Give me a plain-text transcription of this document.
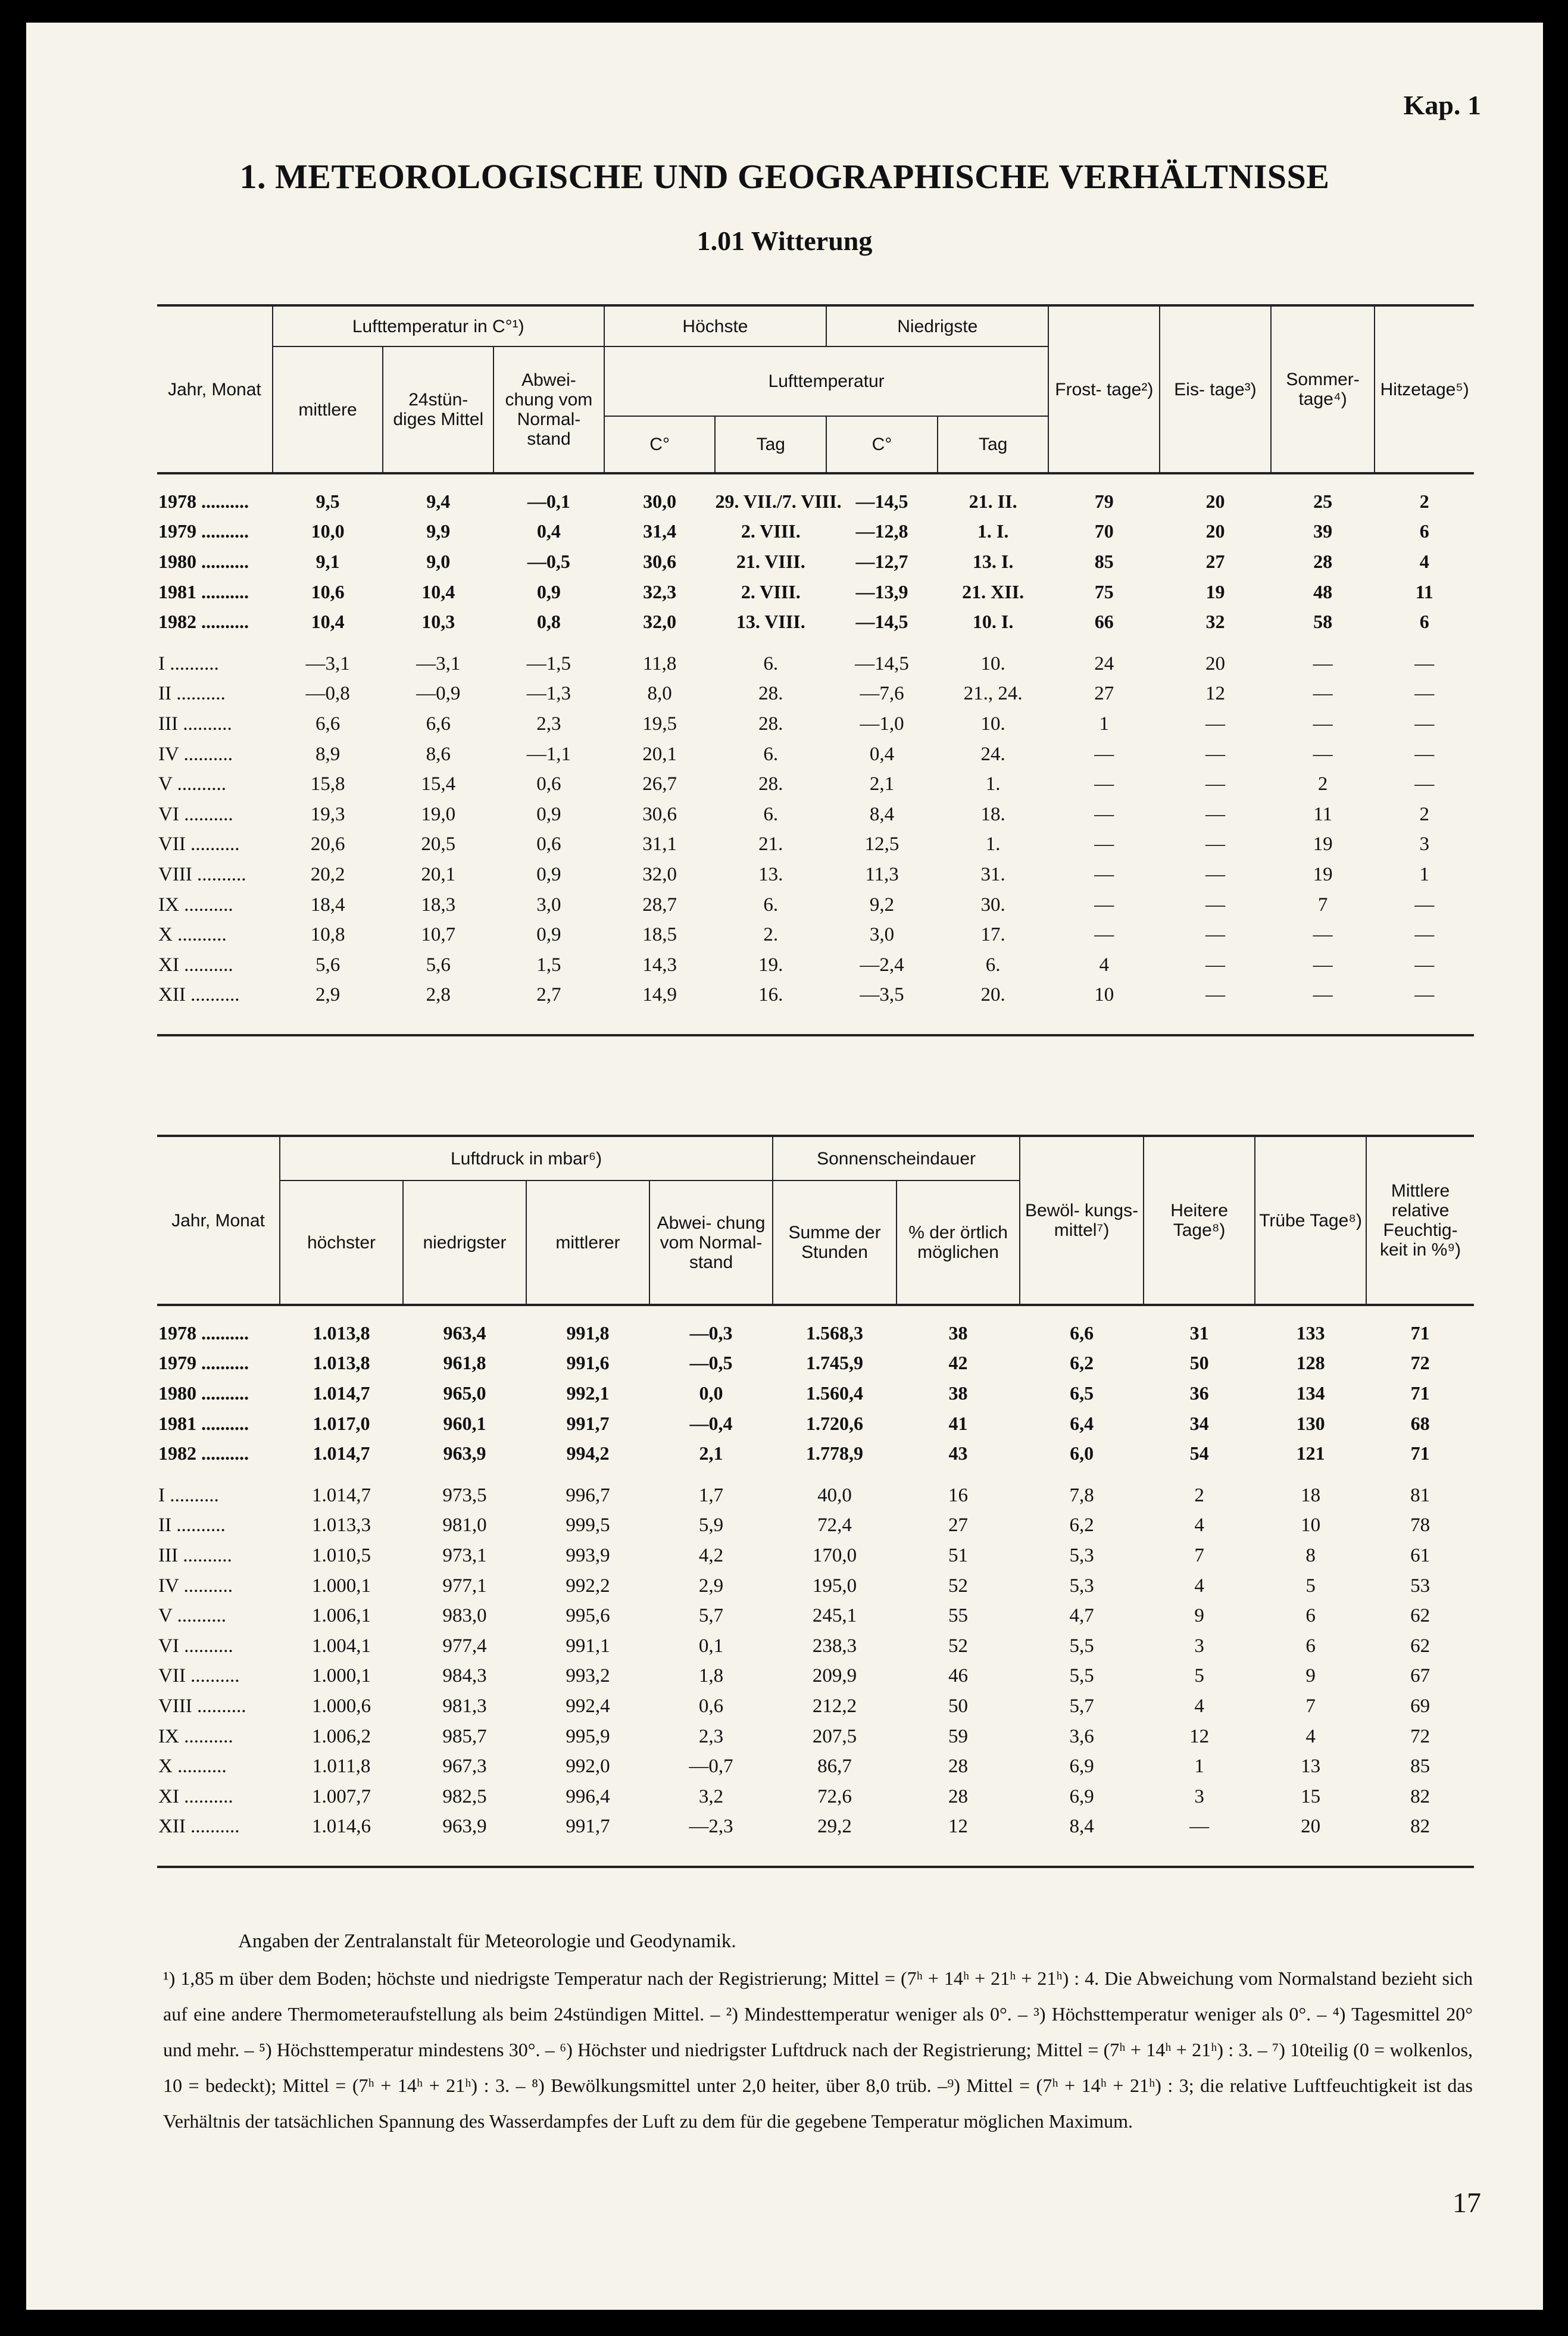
Kap. 1
1. METEOROLOGISCHE UND GEOGRAPHISCHE VERHÄLTNISSE
1.01 Witterung
Jahr, Monat	Lufttemperatur in C°¹)			Höchste		Niedrigste		Frost- tage²)	Eis- tage³)	Sommer- tage⁴)	Hitzetage⁵)
	mittlere	24stün- diges Mittel	Abwei- chung vom Normal- stand	Lufttemperatur							
				C°	Tag	C°	Tag				

1978 ..........	9,5	9,4	—0,1	30,0	29. VII./7. VIII.	—14,5	21. II.	79	20	25	2
1979 ..........	10,0	9,9	0,4	31,4	2. VIII.	—12,8	1. I.	70	20	39	6
1980 ..........	9,1	9,0	—0,5	30,6	21. VIII.	—12,7	13. I.	85	27	28	4
1981 ..........	10,6	10,4	0,9	32,3	2. VIII.	—13,9	21. XII.	75	19	48	11
1982 ..........	10,4	10,3	0,8	32,0	13. VIII.	—14,5	10. I.	66	32	58	6

I ..........	—3,1	—3,1	—1,5	11,8	6.	—14,5	10.	24	20	—	—
II ..........	—0,8	—0,9	—1,3	8,0	28.	—7,6	21., 24.	27	12	—	—
III ..........	6,6	6,6	2,3	19,5	28.	—1,0	10.	1	—	—	—
IV ..........	8,9	8,6	—1,1	20,1	6.	0,4	24.	—	—	—	—
V ..........	15,8	15,4	0,6	26,7	28.	2,1	1.	—	—	2	—
VI ..........	19,3	19,0	0,9	30,6	6.	8,4	18.	—	—	11	2
VII ..........	20,6	20,5	0,6	31,1	21.	12,5	1.	—	—	19	3
VIII ..........	20,2	20,1	0,9	32,0	13.	11,3	31.	—	—	19	1
IX ..........	18,4	18,3	3,0	28,7	6.	9,2	30.	—	—	7	—
X ..........	10,8	10,7	0,9	18,5	2.	3,0	17.	—	—	—	—
XI ..........	5,6	5,6	1,5	14,3	19.	—2,4	6.	4	—	—	—
XII ..........	2,9	2,8	2,7	14,9	16.	—3,5	20.	10	—	—	—

Jahr, Monat	Luftdruck in mbar⁶)				Sonnenscheindauer		Bewöl- kungs- mittel⁷)	Heitere Tage⁸)	Trübe Tage⁸)	Mittlere relative Feuchtig- keit in %⁹)
	höchster	niedrigster	mittlerer	Abwei- chung vom Normal- stand	Summe der Stunden	% der örtlich möglichen				

1978 ..........	1.013,8	963,4	991,8	—0,3	1.568,3	38	6,6	31	133	71
1979 ..........	1.013,8	961,8	991,6	—0,5	1.745,9	42	6,2	50	128	72
1980 ..........	1.014,7	965,0	992,1	0,0	1.560,4	38	6,5	36	134	71
1981 ..........	1.017,0	960,1	991,7	—0,4	1.720,6	41	6,4	34	130	68
1982 ..........	1.014,7	963,9	994,2	2,1	1.778,9	43	6,0	54	121	71

I ..........	1.014,7	973,5	996,7	1,7	40,0	16	7,8	2	18	81
II ..........	1.013,3	981,0	999,5	5,9	72,4	27	6,2	4	10	78
III ..........	1.010,5	973,1	993,9	4,2	170,0	51	5,3	7	8	61
IV ..........	1.000,1	977,1	992,2	2,9	195,0	52	5,3	4	5	53
V ..........	1.006,1	983,0	995,6	5,7	245,1	55	4,7	9	6	62
VI ..........	1.004,1	977,4	991,1	0,1	238,3	52	5,5	3	6	62
VII ..........	1.000,1	984,3	993,2	1,8	209,9	46	5,5	5	9	67
VIII ..........	1.000,6	981,3	992,4	0,6	212,2	50	5,7	4	7	69
IX ..........	1.006,2	985,7	995,9	2,3	207,5	59	3,6	12	4	72
X ..........	1.011,8	967,3	992,0	—0,7	86,7	28	6,9	1	13	85
XI ..........	1.007,7	982,5	996,4	3,2	72,6	28	6,9	3	15	82
XII ..........	1.014,6	963,9	991,7	—2,3	29,2	12	8,4	—	20	82

Angaben der Zentralanstalt für Meteorologie und Geodynamik.
¹) 1,85 m über dem Boden; höchste und niedrigste Temperatur nach der Registrierung; Mittel = (7ʰ + 14ʰ + 21ʰ + 21ʰ) : 4. Die Abweichung vom Normalstand bezieht sich auf eine andere Thermometeraufstellung als beim 24stündigen Mittel. – ²) Mindesttemperatur weniger als 0°. – ³) Höchsttemperatur weniger als 0°. – ⁴) Tagesmittel 20° und mehr. – ⁵) Höchsttemperatur mindestens 30°. – ⁶) Höchster und niedrigster Luftdruck nach der Registrierung; Mittel = (7ʰ + 14ʰ + 21ʰ) : 3. – ⁷) 10teilig (0 = wolkenlos, 10 = bedeckt); Mittel = (7ʰ + 14ʰ + 21ʰ) : 3. – ⁸) Bewölkungsmittel unter 2,0 heiter, über 8,0 trüb. –⁹) Mittel = (7ʰ + 14ʰ + 21ʰ) : 3; die relative Luftfeuchtigkeit ist das Verhältnis der tatsächlichen Spannung des Wasserdampfes der Luft zu dem für die gegebene Temperatur möglichen Maximum.
17
